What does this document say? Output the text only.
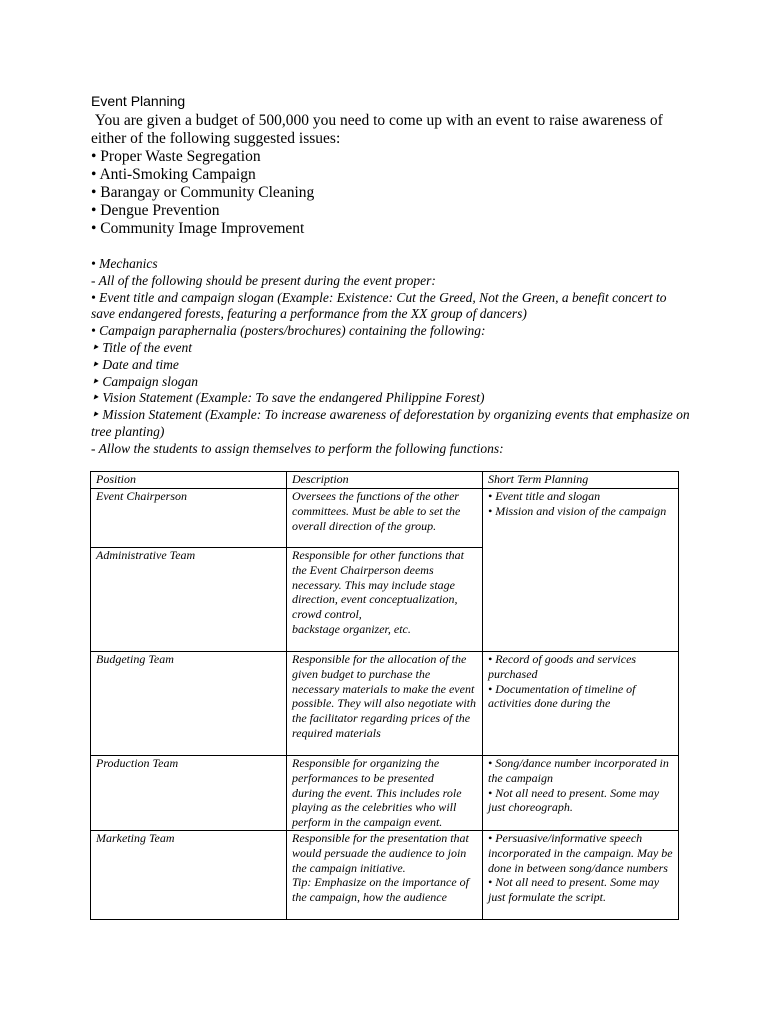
Event Planning

You are given a budget of 500,000 you need to come up with an event to raise awareness of either of the following suggested issues:

• Proper Waste Segregation
• Anti-Smoking Campaign
• Barangay or Community Cleaning
• Dengue Prevention
• Community Image Improvement
• Mechanics
- All of the following should be present during the event proper:
• Event title and campaign slogan (Example: Existence: Cut the Greed, Not the Green, a benefit concert to save endangered forests, featuring a performance from the XX group of dancers)
• Campaign paraphernalia (posters/brochures) containing the following:
‣ Title of the event
‣ Date and time
‣ Campaign slogan
‣ Vision Statement (Example: To save the endangered Philippine Forest)
‣ Mission Statement (Example: To increase awareness of deforestation by organizing events that emphasize on tree planting)
- Allow the students to assign themselves to perform the following functions:
Position	Description	Short Term Planning

Event Chairperson	Oversees the functions of the other committees. Must be able to set the overall direction of the group.	• Event title and slogan
• Mission and vision of the campaign

Administrative Team	Responsible for other functions that the Event Chairperson deems necessary. This may include stage direction, event conceptualization, crowd control,
backstage organizer, etc.	

Budgeting Team	Responsible for the allocation of the given budget to purchase the necessary materials to make the event possible. They will also negotiate with the facilitator regarding prices of the required materials	• Record of goods and services purchased
• Documentation of timeline of activities done during the

Production Team	Responsible for organizing the performances to be presented
during the event. This includes role playing as the celebrities who will perform in the campaign event.	• Song/dance number incorporated in the campaign
• Not all need to present. Some may just choreograph.

Marketing Team	Responsible for the presentation that
would persuade the audience to join the campaign initiative.
Tip: Emphasize on the importance of the campaign, how the audience	• Persuasive/informative speech incorporated in the campaign. May be done in between song/dance numbers
• Not all need to present. Some may just formulate the script.
